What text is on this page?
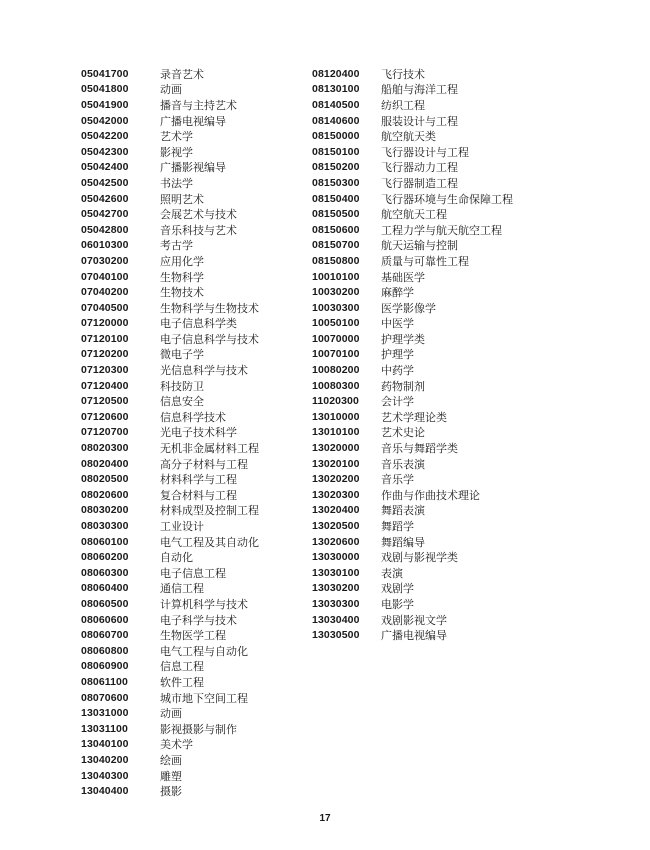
05041700	录音艺术
05041800	动画
05041900	播音与主持艺术
05042000	广播电视编导
05042200	艺术学
05042300	影视学
05042400	广播影视编导
05042500	书法学
05042600	照明艺术
05042700	会展艺术与技术
05042800	音乐科技与艺术
06010300	考古学
07030200	应用化学
07040100	生物科学
07040200	生物技术
07040500	生物科学与生物技术
07120000	电子信息科学类
07120100	电子信息科学与技术
07120200	微电子学
07120300	光信息科学与技术
07120400	科技防卫
07120500	信息安全
07120600	信息科学技术
07120700	光电子技术科学
08020300	无机非金属材料工程
08020400	高分子材料与工程
08020500	材料科学与工程
08020600	复合材料与工程
08030200	材料成型及控制工程
08030300	工业设计
08060100	电气工程及其自动化
08060200	自动化
08060300	电子信息工程
08060400	通信工程
08060500	计算机科学与技术
08060600	电子科学与技术
08060700	生物医学工程
08060800	电气工程与自动化
08060900	信息工程
08061100	软件工程
08070600	城市地下空间工程
13031000	动画
13031100	影视摄影与制作
13040100	美术学
13040200	绘画
13040300	雕塑
13040400	摄影
08120400	飞行技术
08130100	船舶与海洋工程
08140500	纺织工程
08140600	服装设计与工程
08150000	航空航天类
08150100	飞行器设计与工程
08150200	飞行器动力工程
08150300	飞行器制造工程
08150400	飞行器环境与生命保障工程
08150500	航空航天工程
08150600	工程力学与航天航空工程
08150700	航天运输与控制
08150800	质量与可靠性工程
10010100	基础医学
10030200	麻醉学
10030300	医学影像学
10050100	中医学
10070000	护理学类
10070100	护理学
10080200	中药学
10080300	药物制剂
11020300	会计学
13010000	艺术学理论类
13010100	艺术史论
13020000	音乐与舞蹈学类
13020100	音乐表演
13020200	音乐学
13020300	作曲与作曲技术理论
13020400	舞蹈表演
13020500	舞蹈学
13020600	舞蹈编导
13030000	戏剧与影视学类
13030100	表演
13030200	戏剧学
13030300	电影学
13030400	戏剧影视文学
13030500	广播电视编导
17
